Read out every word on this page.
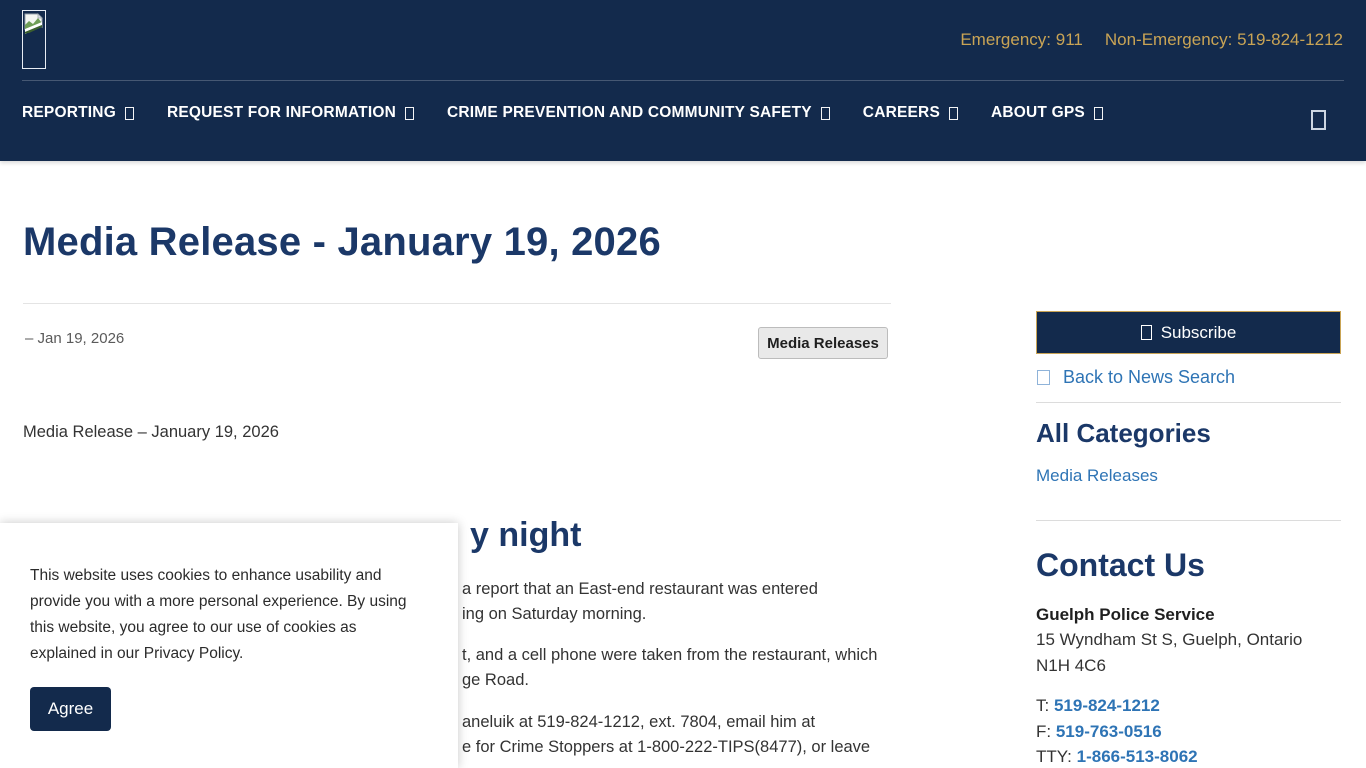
Emergency: 911 Non-Emergency: 519-824-1212
REPORTING	REQUEST FOR INFORMATION	CRIME PREVENTION AND COMMUNITY SAFETY	CAREERS	ABOUT GPS
Media Release - January 19, 2026
– Jan 19, 2026	Media Releases

Media Release – January 19, 2026

y night

a report that an East-end restaurant was entered

ing on Saturday morning.

t, and a cell phone were taken from the restaurant, which

ge Road.

aneluik at 519-824-1212, ext. 7804, email him at

e for Crime Stoppers at 1-800-222-TIPS(8477), or leave

Subscribe
Back to News Search
All Categories
Media Releases
Contact Us
Guelph Police Service
15 Wyndham St S, Guelph, Ontario
N1H 4C6
T: 519-824-1212
F: 519-763-0516
TTY: 1-866-513-8062

This website uses cookies to enhance usability and provide you with a more personal experience. By using this website, you agree to our use of cookies as explained in our Privacy Policy.

Agree
